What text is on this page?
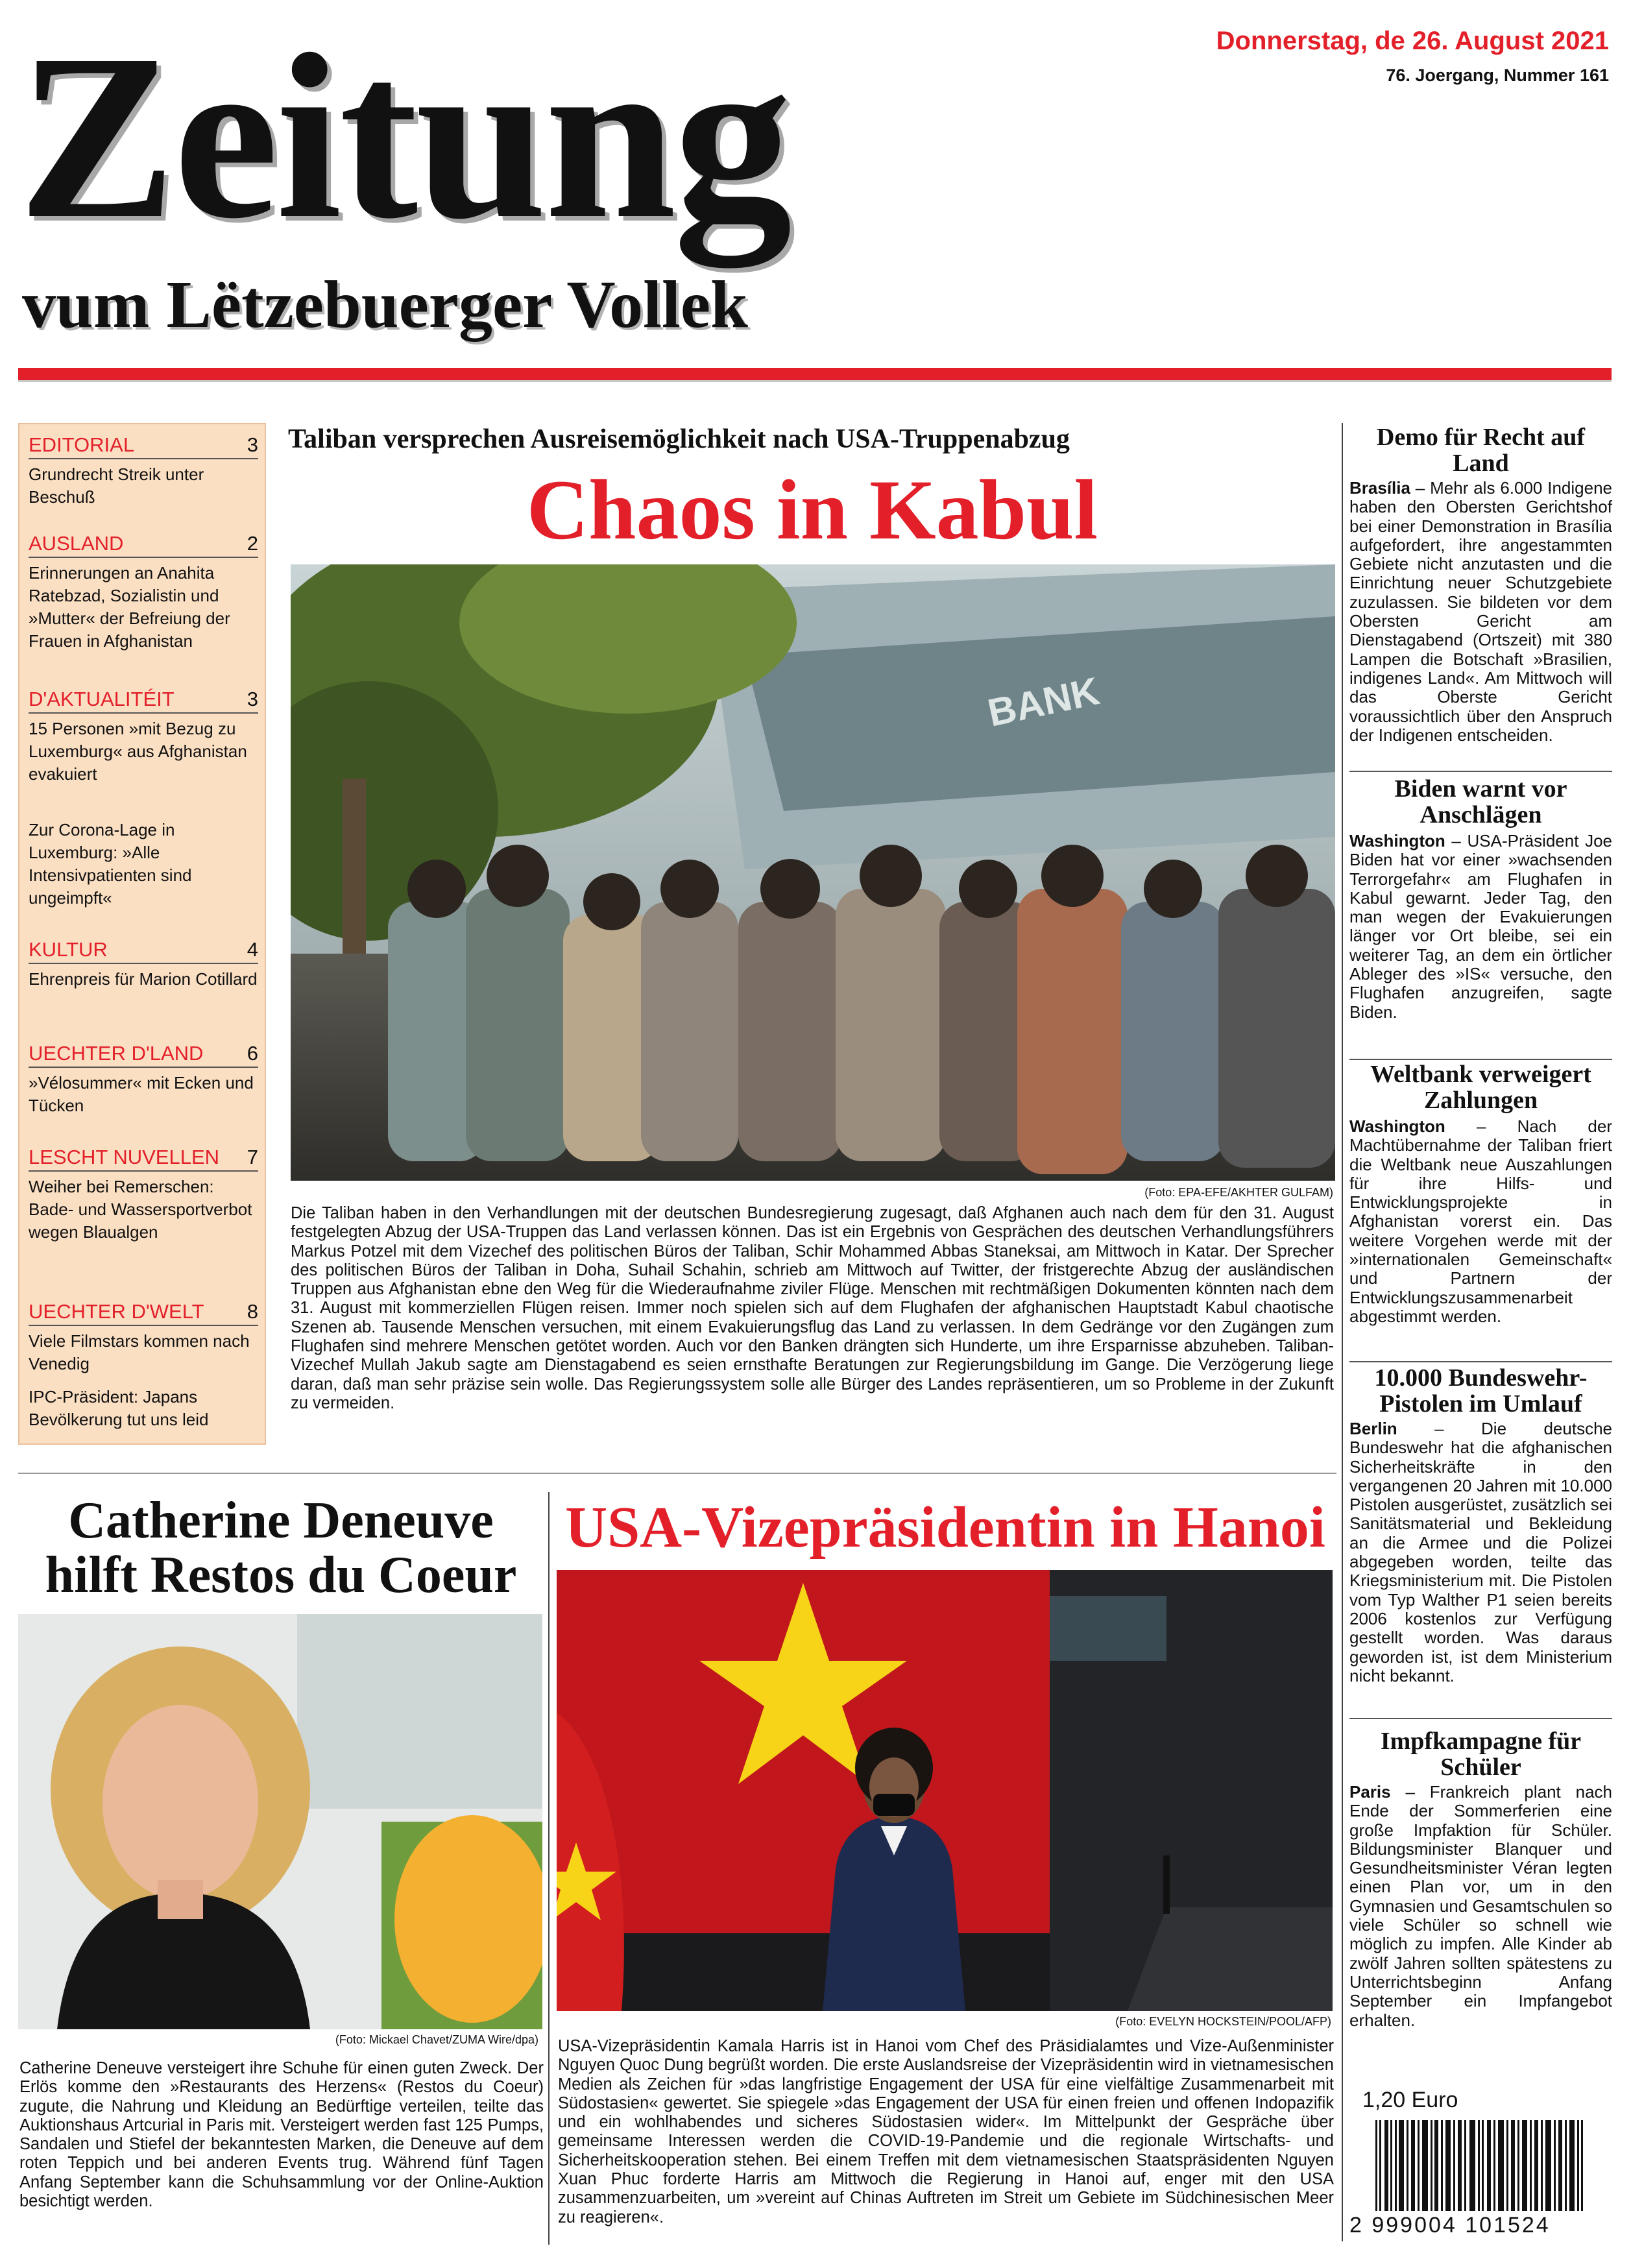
Zeitung
vum Lëtzebuerger Vollek
Donnerstag, de 26. August 2021
76. Joergang, Nummer 161
EDITORIAL	3
Grundrecht Streik unter Beschuß
AUSLAND	2
Erinnerungen an Anahita Ratebzad, Sozialistin und »Mutter« der Befreiung der Frauen in Afghanistan
D'AKTUALITÉIT	3
15 Personen »mit Bezug zu Luxemburg« aus Afghanistan evakuiert
Zur Corona-Lage in Luxemburg: »Alle Intensivpatienten sind ungeimpft«
KULTUR	4
Ehrenpreis für Marion Cotillard
UECHTER D'LAND 6
»Vélosummer« mit Ecken und Tücken
LESCHT NUVELLEN 7
Weiher bei Remerschen: Bade- und Wassersportverbot wegen Blaualgen
UECHTER D'WELT 8
Viele Filmstars kommen nach Venedig
IPC-Präsident: Japans Bevölkerung tut uns leid
Taliban versprechen Ausreisemöglichkeit nach USA-Truppenabzug
Chaos in Kabul
BANK
(Foto: EPA-EFE/AKHTER GULFAM)
Die Taliban haben in den Verhandlungen mit der deutschen Bundesregierung zugesagt, daß Afghanen auch nach dem für den 31. August festgelegten Abzug der USA-Truppen das Land verlassen können. Das ist ein Ergebnis von Gesprächen des deutschen Verhandlungsführers Markus Potzel mit dem Vizechef des politischen Büros der Taliban, Schir Mohammed Abbas Staneksai, am Mittwoch in Katar. Der Sprecher des politischen Büros der Taliban in Doha, Suhail Schahin, schrieb am Mittwoch auf Twitter, der fristgerechte Abzug der ausländischen Truppen aus Afghanistan ebne den Weg für die Wiederaufnahme ziviler Flüge. Menschen mit rechtmäßigen Dokumenten könnten nach dem 31. August mit kommerziellen Flügen reisen. Immer noch spielen sich auf dem Flughafen der afghanischen Hauptstadt Kabul chaotische Szenen ab. Tausende Menschen versuchen, mit einem Evakuierungsflug das Land zu verlassen. In dem Gedränge vor den Zugängen zum Flughafen sind mehrere Menschen getötet worden. Auch vor den Banken drängten sich Hunderte, um ihre Ersparnisse abzuheben. Taliban-Vizechef Mullah Jakub sagte am Dienstagabend es seien ernsthafte Beratungen zur Regierungsbildung im Gange. Die Verzögerung liege daran, daß man sehr präzise sein wolle. Das Regierungssystem solle alle Bürger des Landes repräsentieren, um so Probleme in der Zukunft zu vermeiden.
Demo für Recht auf Land
Brasília – Mehr als 6.000 Indigene haben den Obersten Gerichtshof bei einer Demonstration in Brasília aufgefordert, ihre angestammten Gebiete nicht anzutasten und die Einrichtung neuer Schutzgebiete zuzulassen. Sie bildeten vor dem Obersten Gericht am Dienstagabend (Ortszeit) mit 380 Lampen die Botschaft »Brasilien, indigenes Land«. Am Mittwoch will das Oberste Gericht voraussichtlich über den Anspruch der Indigenen entscheiden.
Biden warnt vor Anschlägen
Washington – USA-Präsident Joe Biden hat vor einer »wachsenden Terrorgefahr« am Flughafen in Kabul gewarnt. Jeder Tag, den man wegen der Evakuierungen länger vor Ort bleibe, sei ein weiterer Tag, an dem ein örtlicher Ableger des »IS« versuche, den Flughafen anzugreifen, sagte Biden.
Weltbank verweigert Zahlungen
Washington – Nach der Machtübernahme der Taliban friert die Weltbank neue Auszahlungen für ihre Hilfs- und Entwicklungsprojekte in Afghanistan vorerst ein. Das weitere Vorgehen werde mit der »internationalen Gemeinschaft« und Partnern der Entwicklungszusammenarbeit abgestimmt werden.
10.000 Bundeswehr-Pistolen im Umlauf
Berlin – Die deutsche Bundeswehr hat die afghanischen Sicherheitskräfte in den vergangenen 20 Jahren mit 10.000 Pistolen ausgerüstet, zusätzlich sei Sanitätsmaterial und Bekleidung an die Armee und die Polizei abgegeben worden, teilte das Kriegsministerium mit. Die Pistolen vom Typ Walther P1 seien bereits 2006 kostenlos zur Verfügung gestellt worden. Was daraus geworden ist, ist dem Ministerium nicht bekannt.
Impfkampagne für Schüler
Paris – Frankreich plant nach Ende der Sommerferien eine große Impfaktion für Schüler. Bildungsminister Blanquer und Gesundheitsminister Véran legten einen Plan vor, um in den Gymnasien und Gesamtschulen so viele Schüler so schnell wie möglich zu impfen. Alle Kinder ab zwölf Jahren sollten spätestens zu Unterrichtsbeginn Anfang September ein Impfangebot erhalten.
1,20 Euro
2 999004 101524
Catherine Deneuve
hilft Restos du Coeur
(Foto: Mickael Chavet/ZUMA Wire/dpa)
Catherine Deneuve versteigert ihre Schuhe für einen guten Zweck. Der Erlös komme den »Restaurants des Herzens« (Restos du Coeur) zugute, die Nahrung und Kleidung an Bedürftige verteilen, teilte das Auktionshaus Artcurial in Paris mit. Versteigert werden fast 125 Pumps, Sandalen und Stiefel der bekanntesten Marken, die Deneuve auf dem roten Teppich und bei anderen Events trug. Während fünf Tagen Anfang September kann die Schuhsammlung vor der Online-Auktion besichtigt werden.
USA-Vizepräsidentin in Hanoi
(Foto: EVELYN HOCKSTEIN/POOL/AFP)
USA-Vizepräsidentin Kamala Harris ist in Hanoi vom Chef des Präsidialamtes und Vize-Außenminister Nguyen Quoc Dung begrüßt worden. Die erste Auslandsreise der Vizepräsidentin wird in vietnamesischen Medien als Zeichen für »das langfristige Engagement der USA für eine vielfältige Zusammenarbeit mit Südostasien« gewertet. Sie spiegele »das Engagement der USA für einen freien und offenen Indopazifik und ein wohlhabendes und sicheres Südostasien wider«. Im Mittelpunkt der Gespräche über gemeinsame Interessen werden die COVID-19-Pandemie und die regionale Wirtschafts- und Sicherheitskooperation stehen. Bei einem Treffen mit dem vietnamesischen Staatspräsidenten Nguyen Xuan Phuc forderte Harris am Mittwoch die Regierung in Hanoi auf, enger mit den USA zusammenzuarbeiten, um »vereint auf Chinas Auftreten im Streit um Gebiete im Südchinesischen Meer zu reagieren«.
